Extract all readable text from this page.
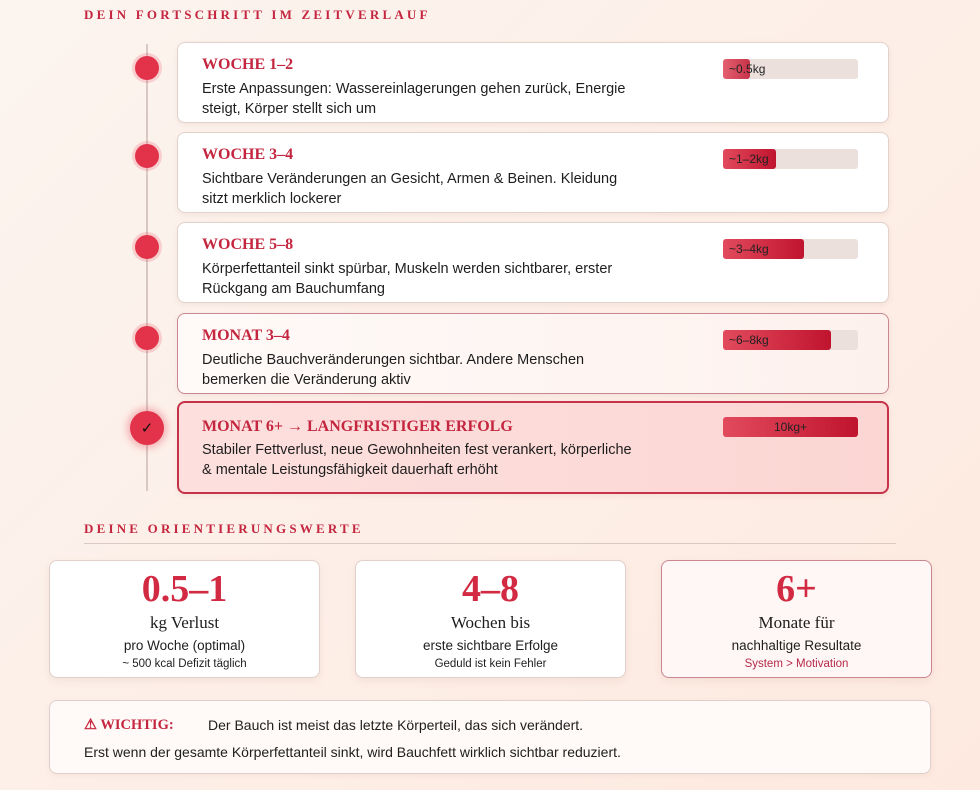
DEIN FORTSCHRITT IM ZEITVERLAUF
WOCHE 1–2
Erste Anpassungen: Wassereinlagerungen gehen zurück, Energie steigt, Körper stellt sich um
~0.5kg
WOCHE 3–4
Sichtbare Veränderungen an Gesicht, Armen & Beinen. Kleidung sitzt merklich lockerer
~1–2kg
WOCHE 5–8
Körperfettanteil sinkt spürbar, Muskeln werden sichtbarer, erster Rückgang am Bauchumfang
~3–4kg
MONAT 3–4
Deutliche Bauchveränderungen sichtbar. Andere Menschen bemerken die Veränderung aktiv
~6–8kg
✓	MONAT 6+ → LANGFRISTIGER ERFOLG
Stabiler Fettverlust, neue Gewohnheiten fest verankert, körperliche & mentale Leistungsfähigkeit dauerhaft erhöht
10kg+
DEINE ORIENTIERUNGSWERTE
0.5–1
kg Verlust
pro Woche (optimal)
~ 500 kcal Defizit täglich
4–8
Wochen bis
erste sichtbare Erfolge
Geduld ist kein Fehler
6+
Monate für
nachhaltige Resultate
System > Motivation
⚠ WICHTIG: Der Bauch ist meist das letzte Körperteil, das sich verändert.
Erst wenn der gesamte Körperfettanteil sinkt, wird Bauchfett wirklich sichtbar reduziert.
